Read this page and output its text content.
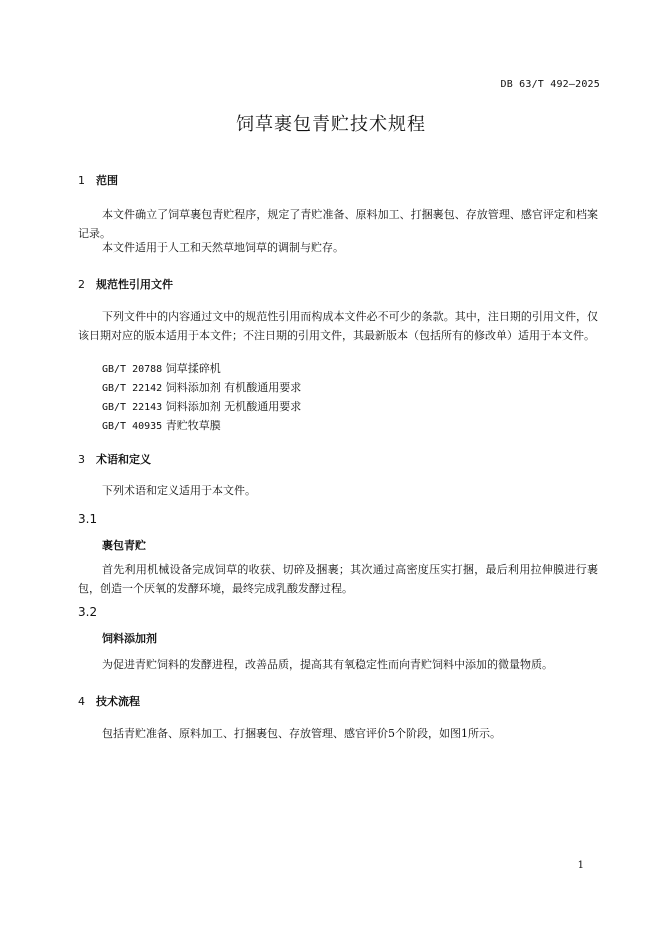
DB 63/T 492—2025
饲草裹包青贮技术规程
1 范围
本文件确立了饲草裹包青贮程序，规定了青贮准备、原料加工、打捆裹包、存放管理、感官评定和档案记录。
本文件适用于人工和天然草地饲草的调制与贮存。
2 规范性引用文件
下列文件中的内容通过文中的规范性引用而构成本文件必不可少的条款。其中，注日期的引用文件，仅该日期对应的版本适用于本文件；不注日期的引用文件，其最新版本（包括所有的修改单）适用于本文件。
GB/T 20788 饲草揉碎机
GB/T 22142 饲料添加剂 有机酸通用要求
GB/T 22143 饲料添加剂 无机酸通用要求
GB/T 40935 青贮牧草膜
3 术语和定义
下列术语和定义适用于本文件。
3.1
裹包青贮
首先利用机械设备完成饲草的收获、切碎及捆裹；其次通过高密度压实打捆，最后利用拉伸膜进行裹包，创造一个厌氧的发酵环境，最终完成乳酸发酵过程。
3.2
饲料添加剂
为促进青贮饲料的发酵进程，改善品质，提高其有氧稳定性而向青贮饲料中添加的微量物质。
4 技术流程
包括青贮准备、原料加工、打捆裹包、存放管理、感官评价5个阶段，如图1所示。
1
